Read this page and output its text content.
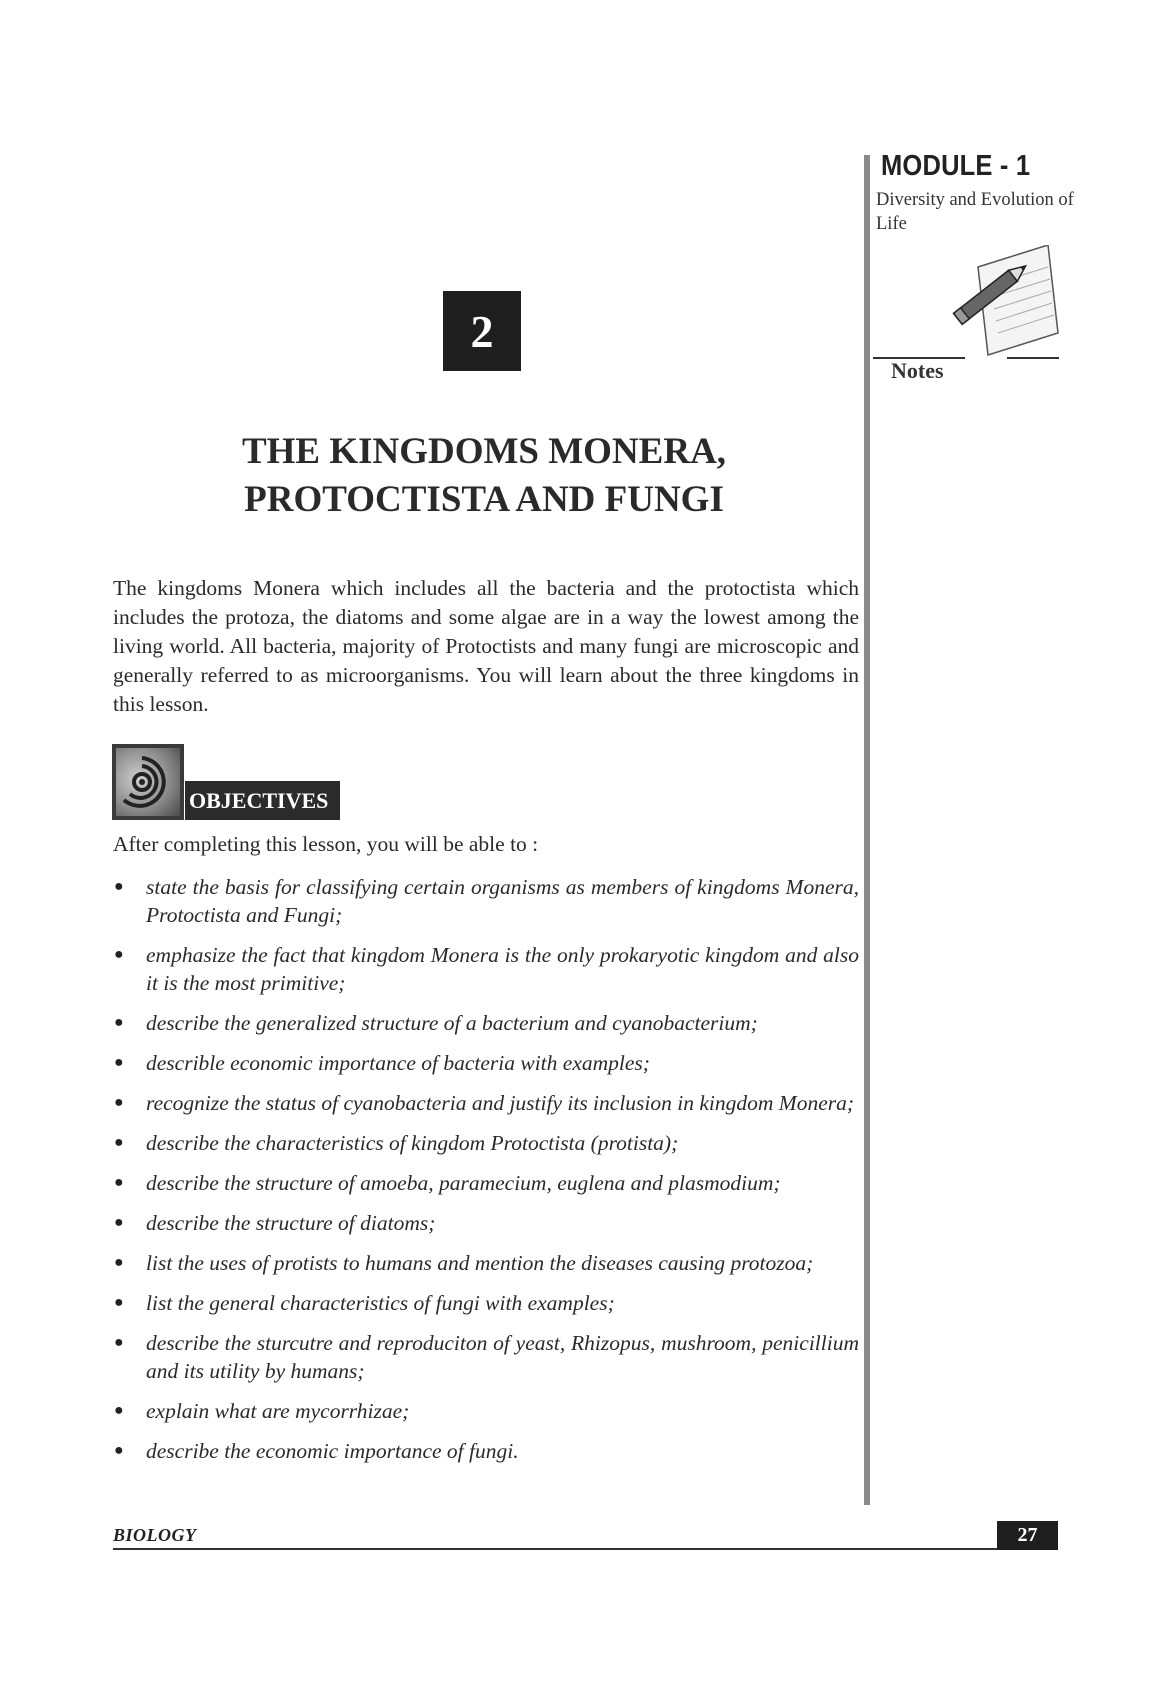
MODULE - 1
Diversity and Evolution of Life
Notes
2
THE KINGDOMS MONERA,
PROTOCTISTA AND FUNGI

The kingdoms Monera which includes all the bacteria and the protoctista which includes the protoza, the diatoms and some algae are in a way the lowest among the living world. All bacteria, majority of Protoctists and many fungi are microscopic and generally referred to as microorganisms. You will learn about the three kingdoms in this lesson.

OBJECTIVES
After completing this lesson, you will be able to :
● state the basis for classifying certain organisms as members of kingdoms Monera, Protoctista and Fungi;
● emphasize the fact that kingdom Monera is the only prokaryotic kingdom and also it is the most primitive;
● describe the generalized structure of a bacterium and cyanobacterium;
● describle economic importance of bacteria with examples;
● recognize the status of cyanobacteria and justify its inclusion in kingdom Monera;
● describe the characteristics of kingdom Protoctista (protista);
● describe the structure of amoeba, paramecium, euglena and plasmodium;
● describe the structure of diatoms;
● list the uses of protists to humans and mention the diseases causing protozoa;
● list the general characteristics of fungi with examples;
● describe the sturcutre and reproduciton of yeast, Rhizopus, mushroom, penicillium and its utility by humans;
● explain what are mycorrhizae;
● describe the economic importance of fungi.
BIOLOGY	27
